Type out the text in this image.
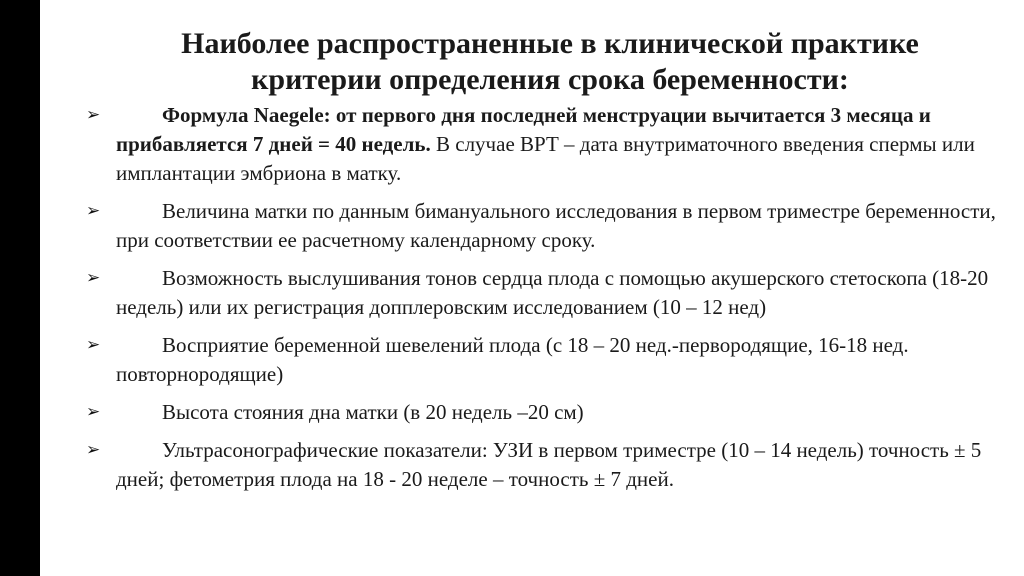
Наиболее распространенные в клинической практике
критерии определения срока беременности:
➢	Формула Naegele: от первого дня последней менструации вычитается 3 месяца и прибавляется 7 дней = 40 недель. В случае ВРТ – дата внутриматочного введения спермы или имплантации эмбриона в матку.
➢	Величина матки по данным бимануального исследования в первом триместре беременности, при соответствии ее расчетному календарному сроку.
➢	Возможность выслушивания тонов сердца плода с помощью акушерского стетоскопа (18-20 недель) или их регистрация допплеровским исследованием (10 – 12 нед)
➢	Восприятие беременной шевелений плода (с 18 – 20 нед.-первородящие, 16-18 нед. повторнородящие)
➢	Высота стояния дна матки (в 20 недель –20 см)
➢	Ультрасонографические показатели: УЗИ в первом триместре (10 – 14 недель) точность ± 5 дней; фетометрия плода на 18 - 20 неделе – точность ± 7 дней.
